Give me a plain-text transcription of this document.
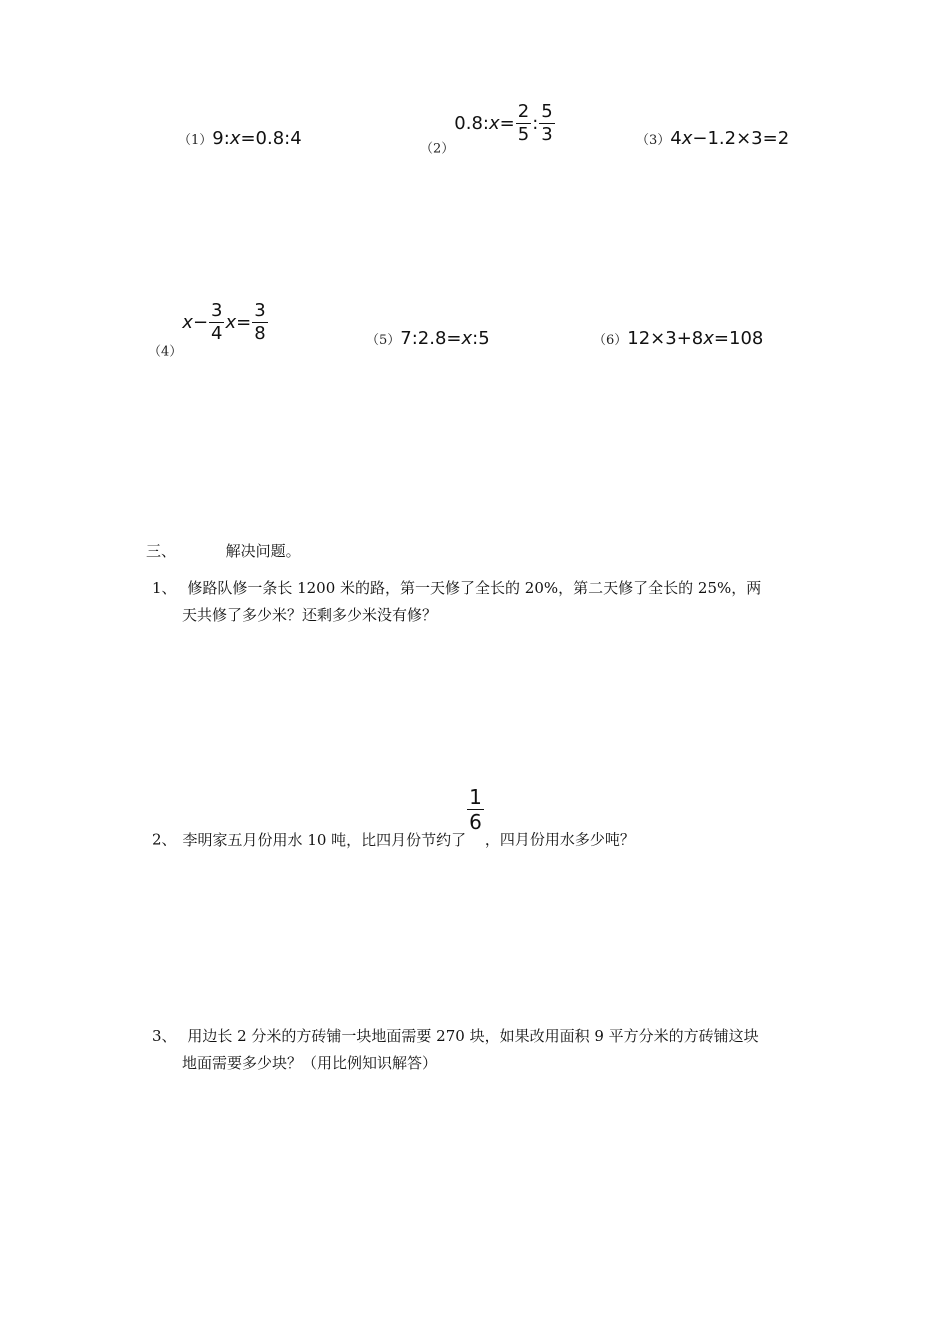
（1）9:x=0.8:4	$_{(2)}$0.8:x= $\frac{2}{5}$ : $\frac{5}{3}$	（3）4x−1.2×3=2
$_{(4)}x- \frac{3}{4} x= \frac{3}{8}$	（5）7:2.8=x:5	（6）12×3+8x=108
三、	解决问题。
1、 修路队修一条长 1200 米的路，第一天修了全长的 20%，第二天修了全长的 25%，两
天共修了多少米？还剩多少米没有修？
2、 李明家五月份用水 10 吨，比四月份节约了
$\frac{1}{6}$
，四月份用水多少吨？
3、 用边长 2 分米的方砖铺一块地面需要 270 块，如果改用面积 9 平方分米的方砖铺这块
地面需要多少块？（用比例知识解答）
